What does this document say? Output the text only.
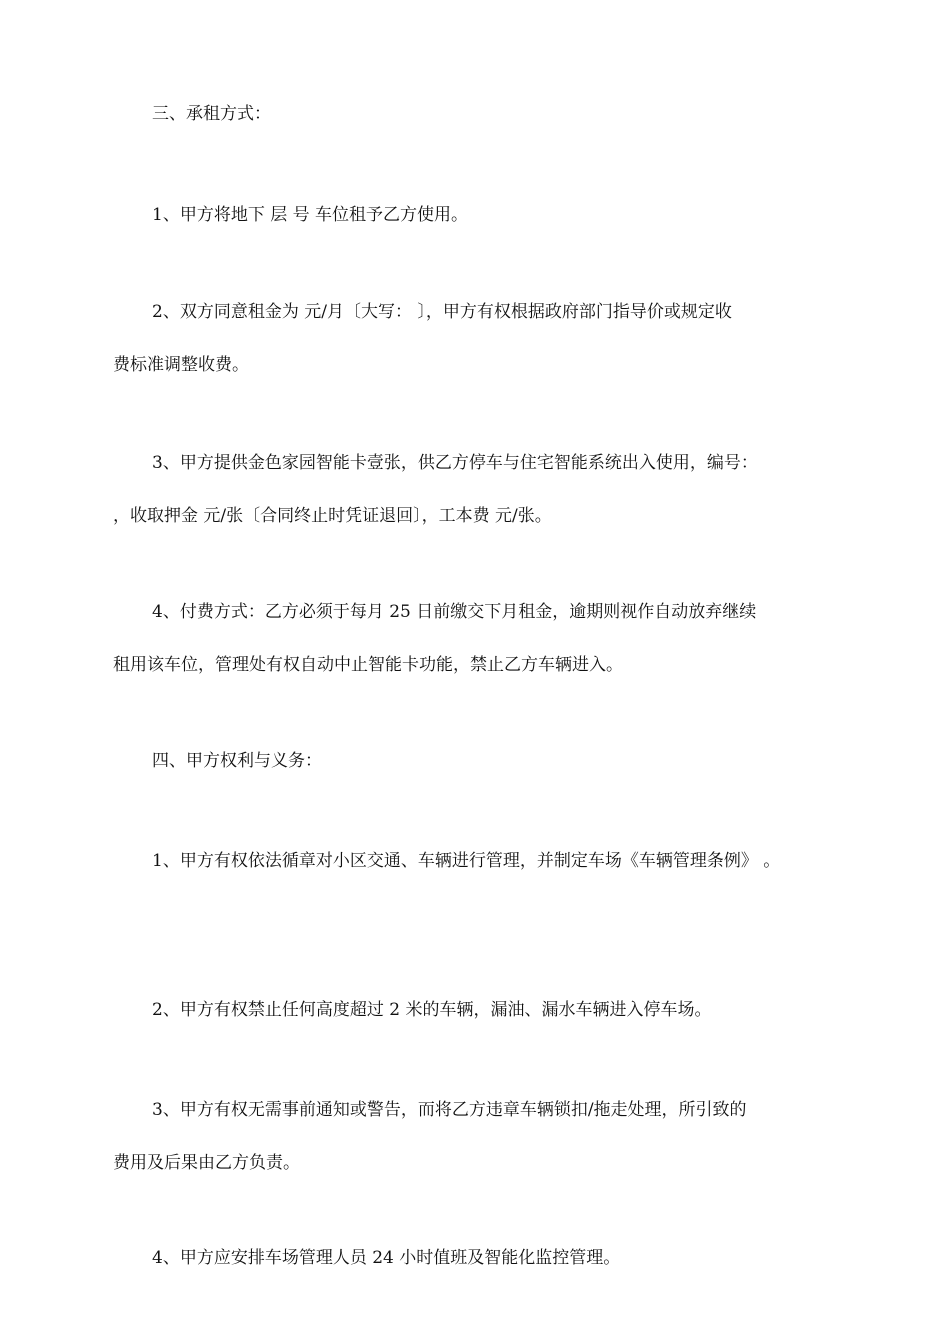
三、承租方式：

1、甲方将地下 层 号 车位租予乙方使用。

2、双方同意租金为 元/月〔大写： 〕，甲方有权根据政府部门指导价或规定收
费标准调整收费。

3、甲方提供金色家园智能卡壹张，供乙方停车与住宅智能系统出入使用，编号：
，收取押金 元/张〔合同终止时凭证退回〕，工本费 元/张。

4、付费方式：乙方必须于每月 25 日前缴交下月租金，逾期则视作自动放弃继续
租用该车位，管理处有权自动中止智能卡功能，禁止乙方车辆进入。

四、甲方权利与义务：

1、甲方有权依法循章对小区交通、车辆进行管理，并制定车场《车辆管理条例》 。

2、甲方有权禁止任何高度超过 2 米的车辆，漏油、漏水车辆进入停车场。

3、甲方有权无需事前通知或警告，而将乙方违章车辆锁扣/拖走处理，所引致的
费用及后果由乙方负责。

4、甲方应安排车场管理人员 24 小时值班及智能化监控管理。
